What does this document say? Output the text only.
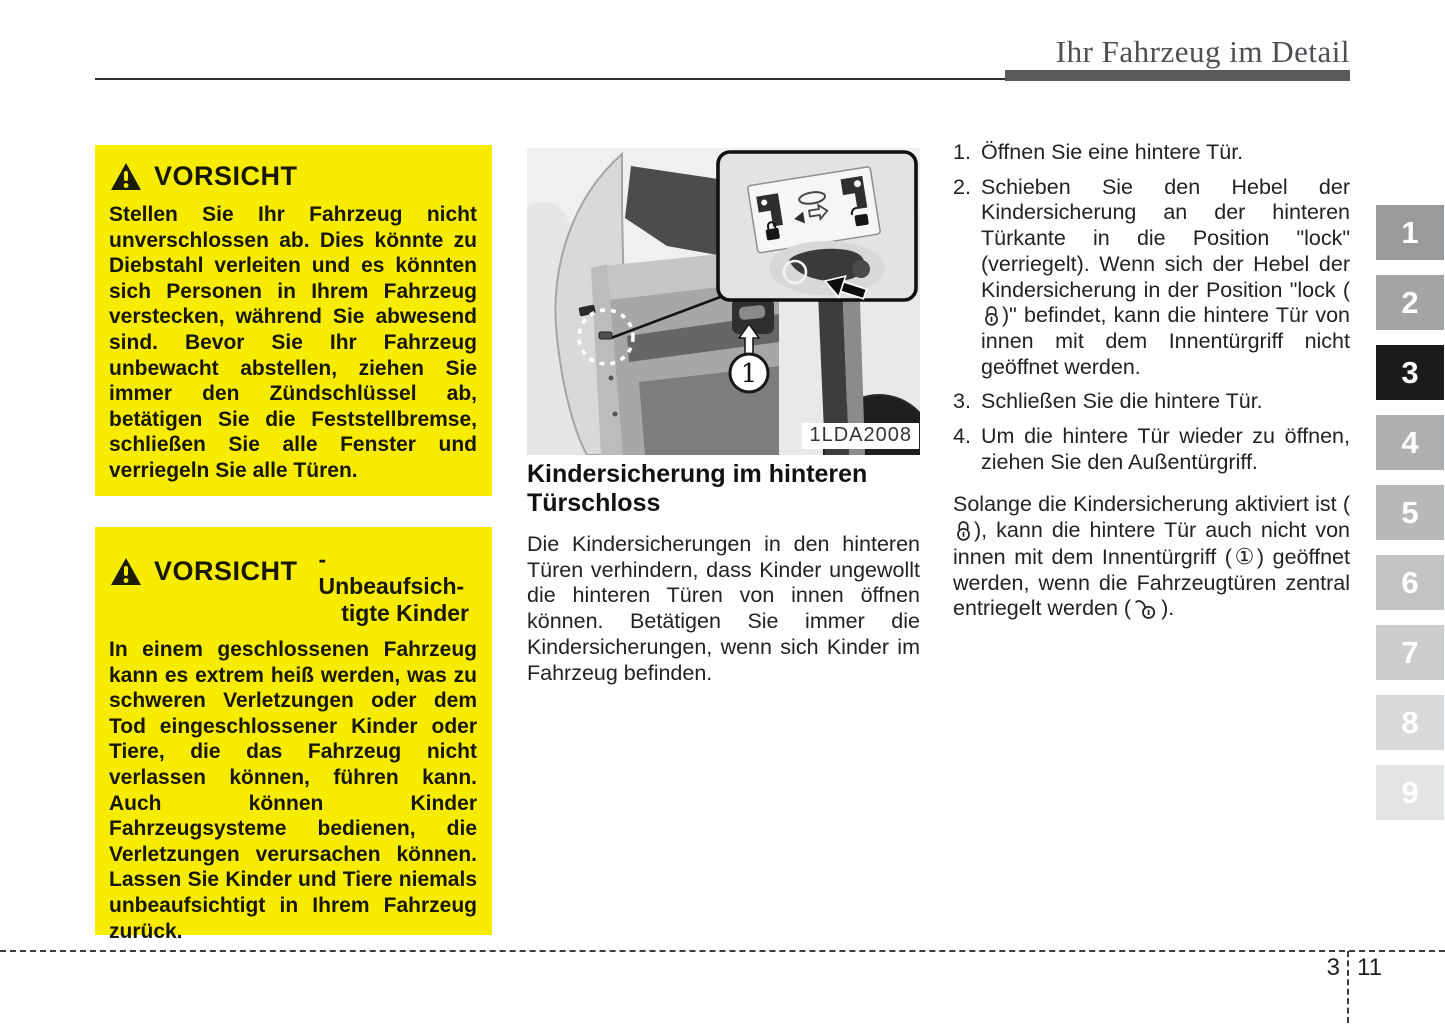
Ihr Fahrzeug im Detail
VORSICHT
Stellen Sie Ihr Fahrzeug nicht unverschlossen ab. Dies könnte zu Diebstahl verleiten und es könnten sich Personen in Ihrem Fahrzeug verstecken, während Sie abwesend sind. Bevor Sie Ihr Fahrzeug unbewacht abstellen, ziehen Sie immer den Zündschlüssel ab, betätigen Sie die Feststellbremse, schließen Sie alle Fenster und verriegeln Sie alle Türen.
VORSICHT - Unbeaufsich-
tigte Kinder
In einem geschlossenen Fahrzeug kann es extrem heiß werden, was zu schweren Verletzungen oder dem Tod eingeschlossener Kinder oder Tiere, die das Fahrzeug nicht verlassen können, führen kann. Auch können Kinder Fahrzeugsysteme bedienen, die Verletzungen verursachen können. Lassen Sie Kinder und Tiere niemals unbeaufsichtigt in Ihrem Fahrzeug zurück.
1
1LDA2008
Kindersicherung im hinteren Türschloss
Die Kindersicherungen in den hinteren Türen verhindern, dass Kinder ungewollt die hinteren Türen von innen öffnen können. Betätigen Sie immer die Kindersicherungen, wenn sich Kinder im Fahrzeug befinden.
1. Öffnen Sie eine hintere Tür.
2. Schieben Sie den Hebel der Kindersicherung an der hinteren Türkante in die Position "lock" (verriegelt). Wenn sich der Hebel der Kindersicherung in der Position "lock ()" befindet, kann die hintere Tür von innen mit dem Innentürgriff nicht geöffnet werden.
3. Schließen Sie die hintere Tür.
4. Um die hintere Tür wieder zu öffnen, ziehen Sie den Außentürgriff.
Solange die Kindersicherung aktiviert ist (), kann die hintere Tür auch nicht von innen mit dem Innentürgriff (①) geöffnet werden, wenn die Fahrzeugtüren zentral entriegelt werden ( ).
1
2
3
4
5
6
7
8
9
3 11
